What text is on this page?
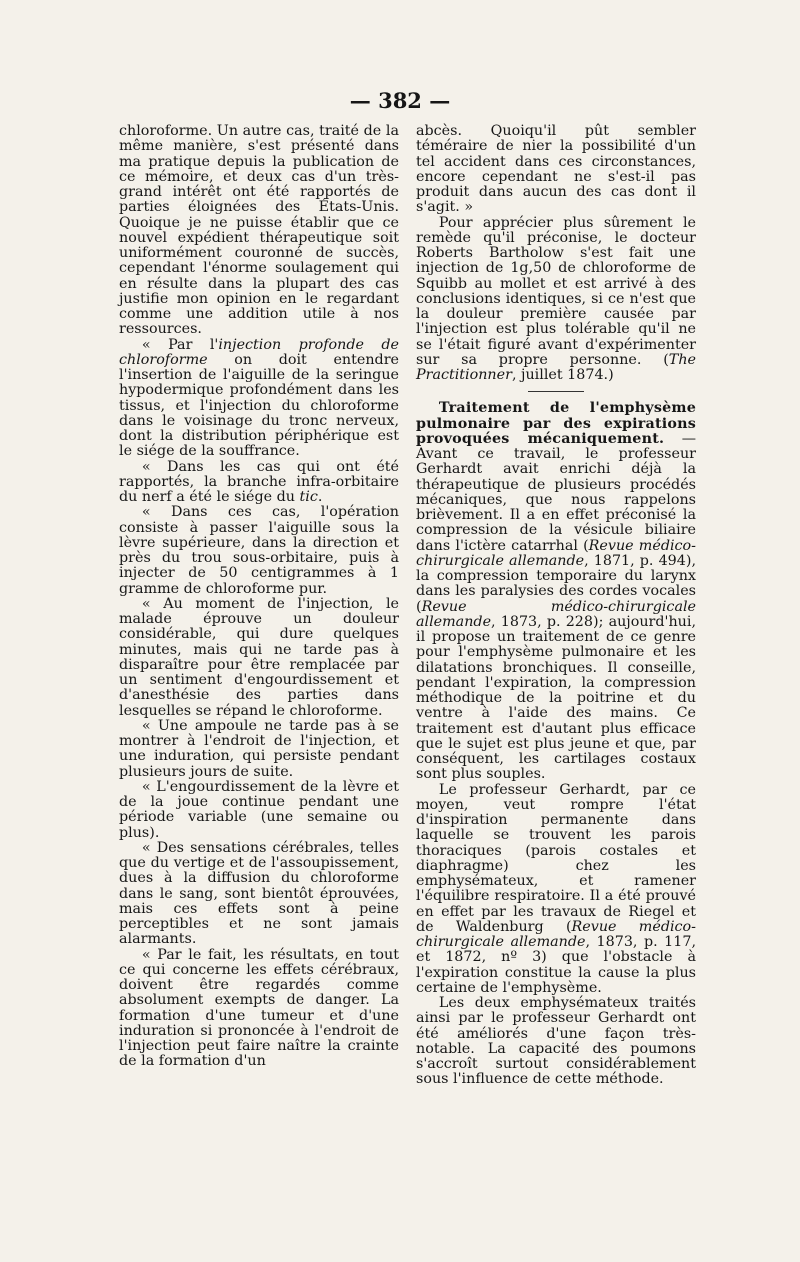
— 382 —

chloroforme. Un autre cas, traité de la même manière, s'est présenté dans ma pratique depuis la publication de ce mémoire, et deux cas d'un très-grand intérêt ont été rapportés de parties éloignées des États-Unis. Quoique je ne puisse établir que ce nouvel expédient thérapeutique soit uniformément couronné de succès, cependant l'énorme soulagement qui en résulte dans la plupart des cas justifie mon opinion en le regardant comme une addition utile à nos ressources.

« Par l'injection profonde de chloroforme on doit entendre l'insertion de l'aiguille de la seringue hypodermique profondément dans les tissus, et l'injection du chloroforme dans le voisinage du tronc nerveux, dont la distribution périphérique est le siége de la souffrance.

« Dans les cas qui ont été rapportés, la branche infra-orbitaire du nerf a été le siége du tic.

« Dans ces cas, l'opération consiste à passer l'aiguille sous la lèvre supérieure, dans la direction et près du trou sous-orbitaire, puis à injecter de 50 centigrammes à 1 gramme de chloroforme pur.

« Au moment de l'injection, le malade éprouve un douleur considérable, qui dure quelques minutes, mais qui ne tarde pas à disparaître pour être remplacée par un sentiment d'engourdissement et d'anesthésie des parties dans lesquelles se répand le chloroforme.

« Une ampoule ne tarde pas à se montrer à l'endroit de l'injection, et une induration, qui persiste pendant plusieurs jours de suite.

« L'engourdissement de la lèvre et de la joue continue pendant une période variable (une semaine ou plus).

« Des sensations cérébrales, telles que du vertige et de l'assoupissement, dues à la diffusion du chloroforme dans le sang, sont bientôt éprouvées, mais ces effets sont à peine perceptibles et ne sont jamais alarmants.

« Par le fait, les résultats, en tout ce qui concerne les effets cérébraux, doivent être regardés comme absolument exempts de danger. La formation d'une tumeur et d'une induration si prononcée à l'endroit de l'injection peut faire naître la crainte de la formation d'un

abcès. Quoiqu'il pût sembler téméraire de nier la possibilité d'un tel accident dans ces circonstances, encore cependant ne s'est-il pas produit dans aucun des cas dont il s'agit. »

Pour apprécier plus sûrement le remède qu'il préconise, le docteur Roberts Bartholow s'est fait une injection de 1g,50 de chloroforme de Squibb au mollet et est arrivé à des conclusions identiques, si ce n'est que la douleur première causée par l'injection est plus tolérable qu'il ne se l'était figuré avant d'expérimenter sur sa propre personne. (The Practitionner, juillet 1874.)

Traitement de l'emphysème pulmonaire par des expirations provoquées mécaniquement. — Avant ce travail, le professeur Gerhardt avait enrichi déjà la thérapeutique de plusieurs procédés mécaniques, que nous rappelons brièvement. Il a en effet préconisé la compression de la vésicule biliaire dans l'ictère catarrhal (Revue médico-chirurgicale allemande, 1871, p. 494), la compression temporaire du larynx dans les paralysies des cordes vocales (Revue médico-chirurgicale allemande, 1873, p. 228); aujourd'hui, il propose un traitement de ce genre pour l'emphysème pulmonaire et les dilatations bronchiques. Il conseille, pendant l'expiration, la compression méthodique de la poitrine et du ventre à l'aide des mains. Ce traitement est d'autant plus efficace que le sujet est plus jeune et que, par conséquent, les cartilages costaux sont plus souples.

Le professeur Gerhardt, par ce moyen, veut rompre l'état d'inspiration permanente dans laquelle se trouvent les parois thoraciques (parois costales et diaphragme) chez les emphysémateux, et ramener l'équilibre respiratoire. Il a été prouvé en effet par les travaux de Riegel et de Waldenburg (Revue médico-chirurgicale allemande, 1873, p. 117, et 1872, nº 3) que l'obstacle à l'expiration constitue la cause la plus certaine de l'emphysème.

Les deux emphysémateux traités ainsi par le professeur Gerhardt ont été améliorés d'une façon très-notable. La capacité des poumons s'accroît surtout considérablement sous l'influence de cette méthode.
